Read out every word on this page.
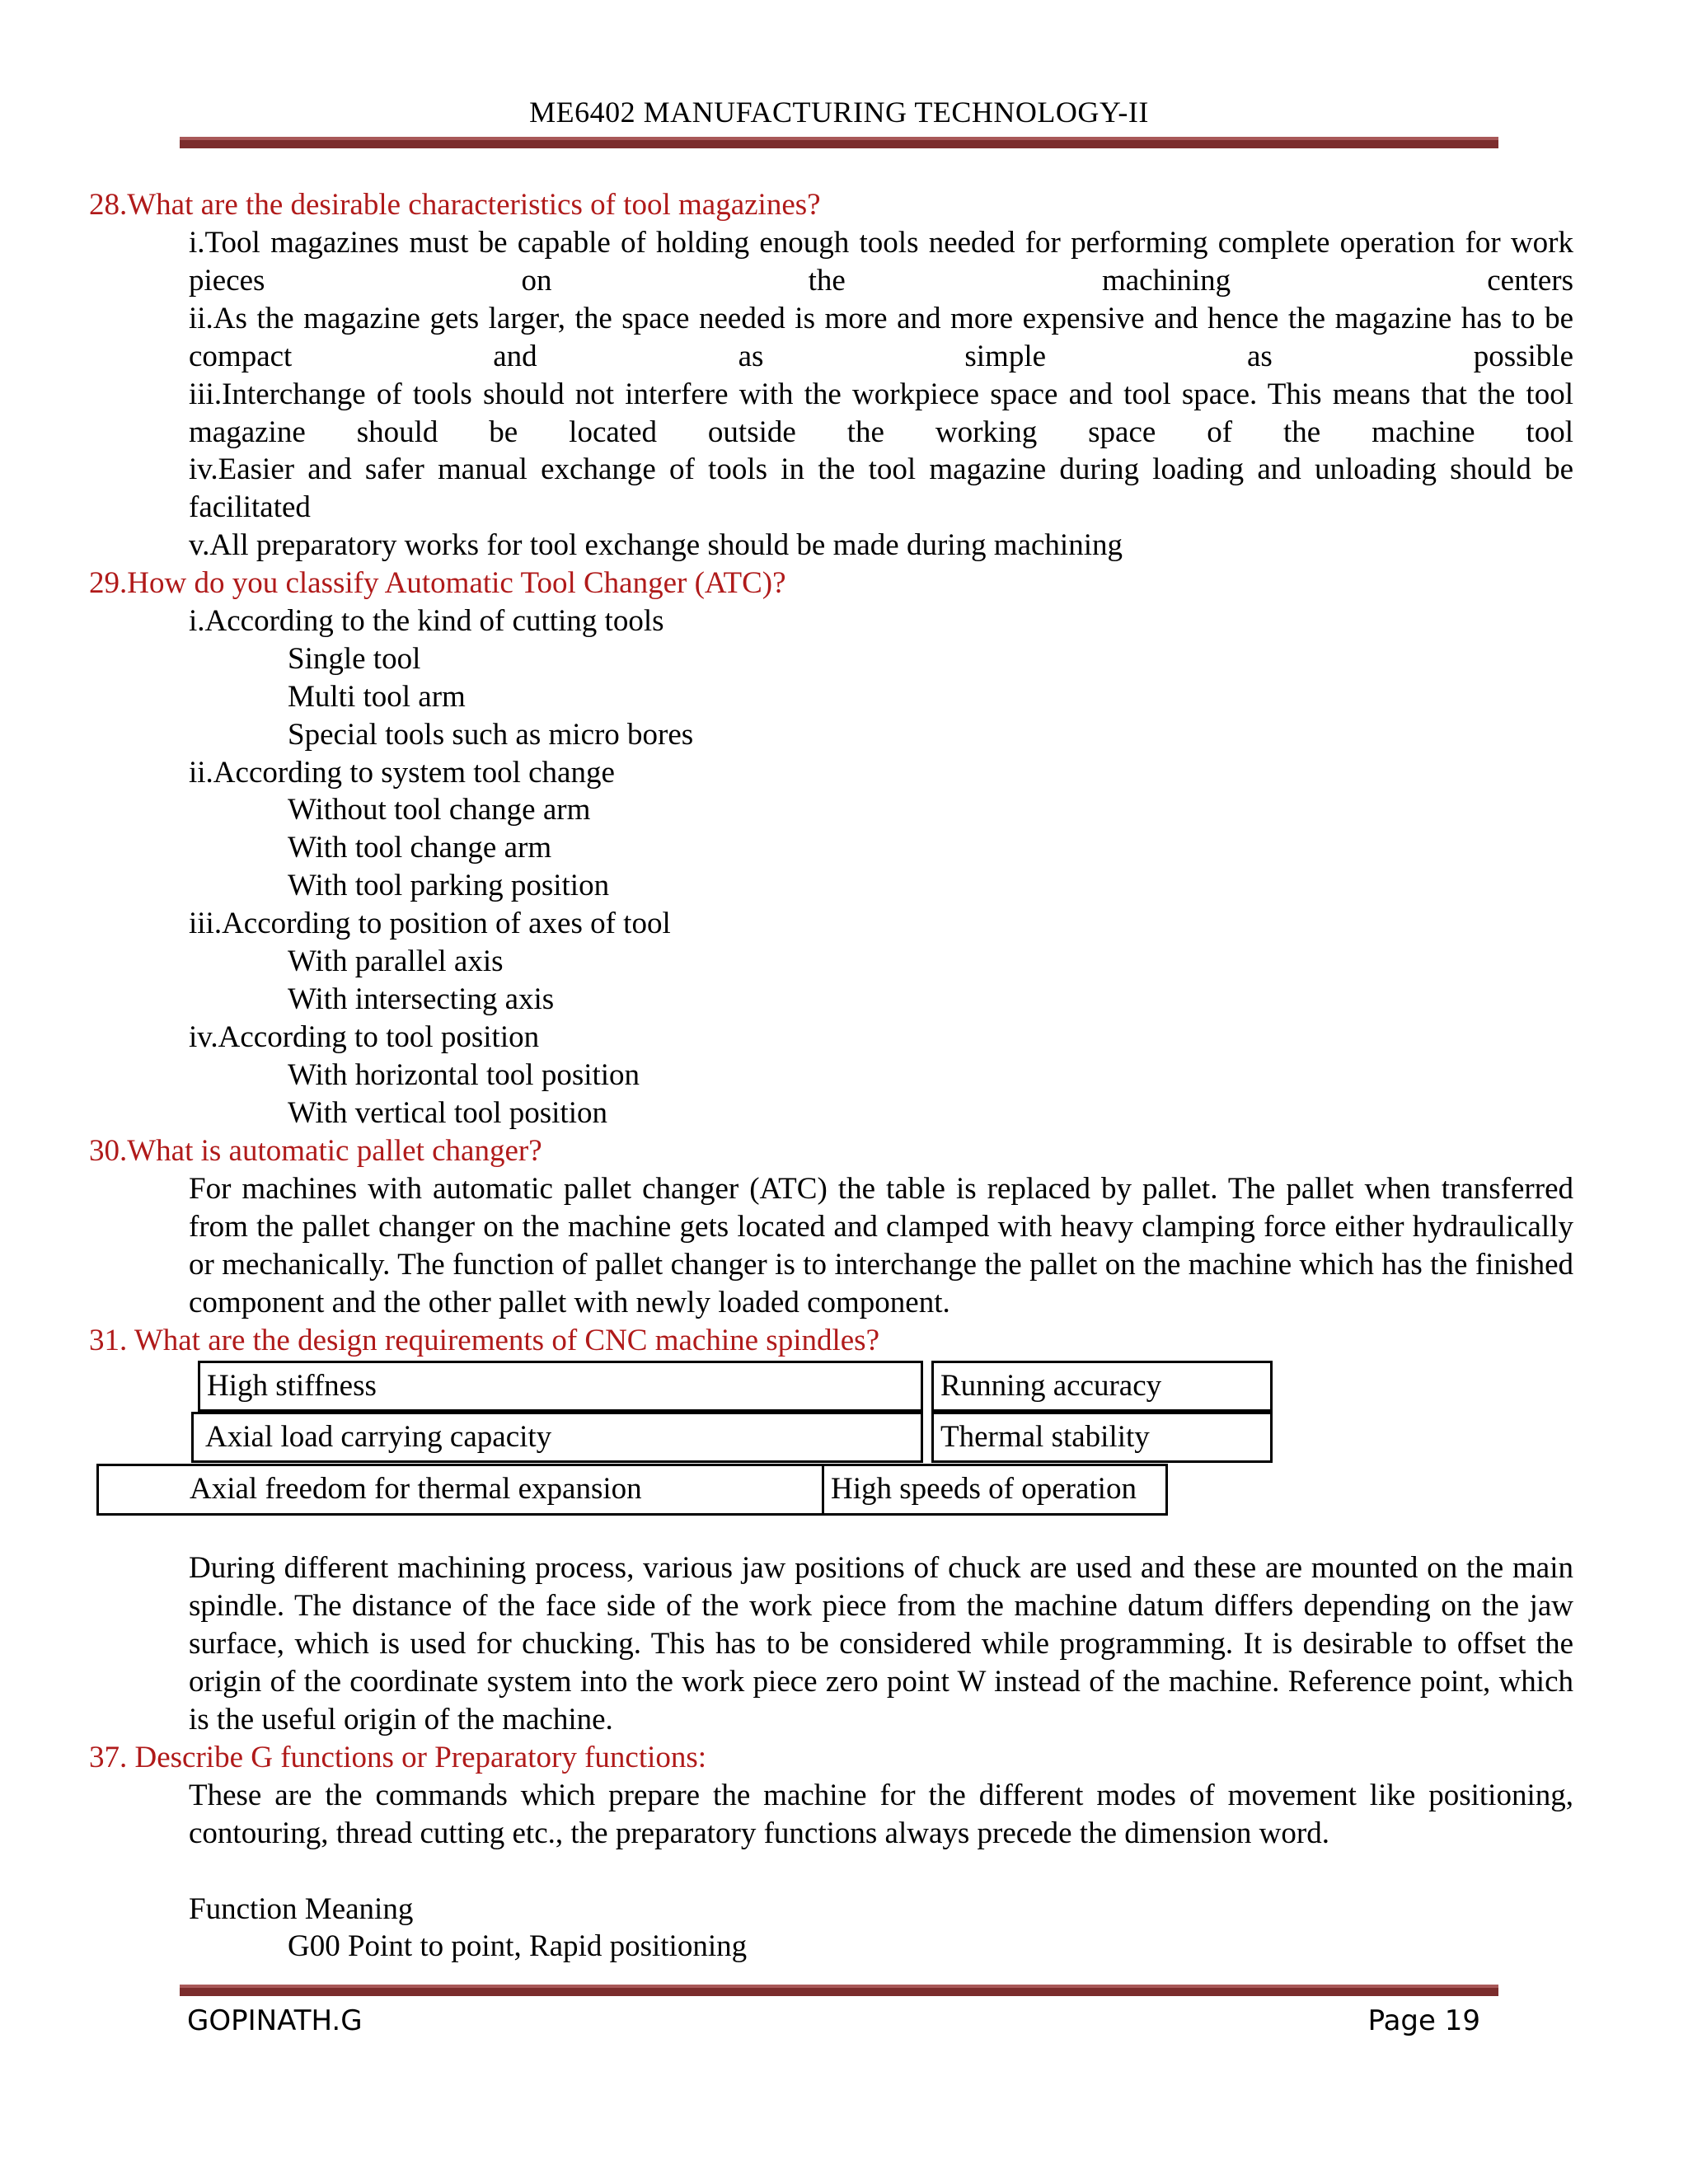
ME6402 MANUFACTURING TECHNOLOGY-II
28.What are the desirable characteristics of tool magazines?
i.Tool magazines must be capable of holding enough tools needed for performing complete operation for work pieces on the machining centers
ii.As the magazine gets larger, the space needed is more and more expensive and hence the magazine has to be compact and as simple as possible
iii.Interchange of tools should not interfere with the workpiece space and tool space. This means that the tool magazine should be located outside the working space of the machine tool
iv.Easier and safer manual exchange of tools in the tool magazine during loading and unloading should be facilitated
v.All preparatory works for tool exchange should be made during machining
29.How do you classify Automatic Tool Changer (ATC)?
i.According to the kind of cutting tools
Single tool
Multi tool arm
Special tools such as micro bores
ii.According to system tool change
Without tool change arm
With tool change arm
With tool parking position
iii.According to position of axes of tool
With parallel axis
With intersecting axis
iv.According to tool position
With horizontal tool position
With vertical tool position
30.What is automatic pallet changer?
For machines with automatic pallet changer (ATC) the table is replaced by pallet. The pallet when transferred from the pallet changer on the machine gets located and clamped with heavy clamping force either hydraulically or mechanically. The function of pallet changer is to interchange the pallet on the machine which has the finished component and the other pallet with newly loaded component.
31. What are the design requirements of CNC machine spindles?
High stiffness	Running accuracy
Axial load carrying capacity	Thermal stability
Axial freedom for thermal expansion	High speeds of operation
During different machining process, various jaw positions of chuck are used and these are mounted on the main spindle. The distance of the face side of the work piece from the machine datum differs depending on the jaw surface, which is used for chucking. This has to be considered while programming. It is desirable to offset the origin of the coordinate system into the work piece zero point W instead of the machine. Reference point, which is the useful origin of the machine.
37. Describe G functions or Preparatory functions:
These are the commands which prepare the machine for the different modes of movement like positioning, contouring, thread cutting etc., the preparatory functions always precede the dimension word.
Function Meaning
G00 Point to point, Rapid positioning
GOPINATH.G	Page 19
